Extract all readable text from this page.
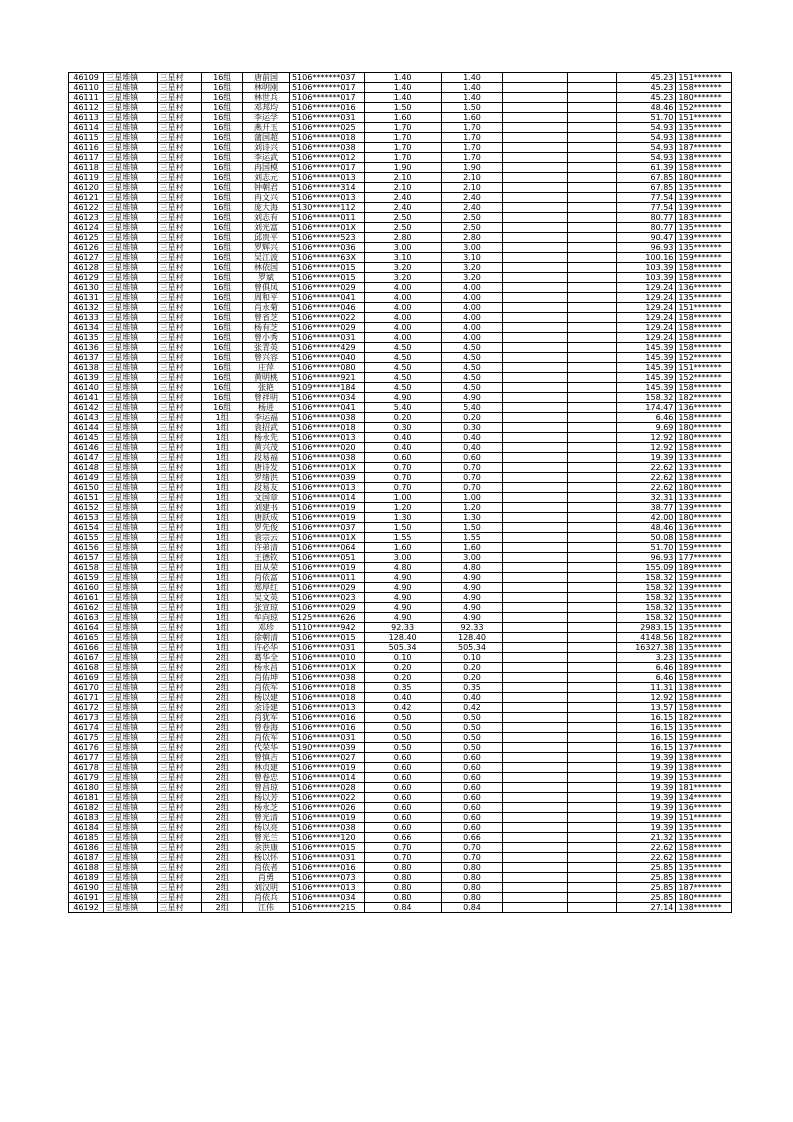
46109	三星堆镇	三星村	16组	唐前国	5106*******037	1.40	1.40			45.23	151*******
46110	三星堆镇	三星村	16组	林明刚	5106*******017	1.40	1.40			45.23	158*******
46111	三星堆镇	三星村	16组	林世兵	5106*******017	1.40	1.40			45.23	180*******
46112	三星堆镇	三星村	16组	邓邦均	5106*******016	1.50	1.50			48.46	152*******
46113	三星堆镇	三星村	16组	李运学	5106*******031	1.60	1.60			51.70	151*******
46114	三星堆镇	三星村	16组	燕开玉	5106*******025	1.70	1.70			54.93	135*******
46115	三星堆镇	三星村	16组	蒲国超	5106*******018	1.70	1.70			54.93	138*******
46116	三星堆镇	三星村	16组	刘诗兴	5106*******038	1.70	1.70			54.93	187*******
46117	三星堆镇	三星村	16组	李运武	5106*******012	1.70	1.70			54.93	138*******
46118	三星堆镇	三星村	16组	冉国模	5106*******017	1.90	1.90			61.39	158*******
46119	三星堆镇	三星村	16组	刘志元	5106*******013	2.10	2.10			67.85	180*******
46120	三星堆镇	三星村	16组	钟朝君	5106*******314	2.10	2.10			67.85	135*******
46121	三星堆镇	三星村	16组	冉文兴	5106*******013	2.40	2.40			77.54	139*******
46122	三星堆镇	三星村	16组	庞大海	5130*******112	2.40	2.40			77.54	139*******
46123	三星堆镇	三星村	16组	刘志有	5106*******011	2.50	2.50			80.77	183*******
46124	三星堆镇	三星村	16组	刘光富	5106*******01X	2.50	2.50			80.77	135*******
46125	三星堆镇	三星村	16组	邱贵平	5106*******523	2.80	2.80			90.47	139*******
46126	三星堆镇	三星村	16组	罗辉兴	5106*******036	3.00	3.00			96.93	135*******
46127	三星堆镇	三星村	16组	吴江波	5106*******63X	3.10	3.10			100.16	159*******
46128	三星堆镇	三星村	16组	林依国	5106*******015	3.20	3.20			103.39	158*******
46129	三星堆镇	三星村	16组	罗斌	5106*******015	3.20	3.20			103.39	158*******
46130	三星堆镇	三星村	16组	曾俱凤	5106*******029	4.00	4.00			129.24	136*******
46131	三星堆镇	三星村	16组	周和平	5106*******041	4.00	4.00			129.24	135*******
46132	三星堆镇	三星村	16组	肖永菊	5106*******046	4.00	4.00			129.24	151*******
46133	三星堆镇	三星村	16组	曾省芝	5106*******022	4.00	4.00			129.24	158*******
46134	三星堆镇	三星村	16组	杨有芝	5106*******029	4.00	4.00			129.24	158*******
46135	三星堆镇	三星村	16组	曾小秀	5106*******031	4.00	4.00			129.24	158*******
46136	三星堆镇	三星村	16组	张青英	5106*******429	4.50	4.50			145.39	158*******
46137	三星堆镇	三星村	16组	曾兴容	5106*******040	4.50	4.50			145.39	152*******
46138	三星堆镇	三星村	16组	庄萍	5106*******080	4.50	4.50			145.39	151*******
46139	三星堆镇	三星村	16组	黄明桃	5106*******921	4.50	4.50			145.39	152*******
46140	三星堆镇	三星村	16组	张艳	5109*******184	4.50	4.50			145.39	158*******
46141	三星堆镇	三星村	16组	曾祥明	5106*******034	4.90	4.90			158.32	182*******
46142	三星堆镇	三星村	16组	杨进	5106*******041	5.40	5.40			174.47	136*******
46143	三星堆镇	三星村	1组	李运福	5106*******038	0.20	0.20			6.46	158*******
46144	三星堆镇	三星村	1组	袁招武	5106*******018	0.30	0.30			9.69	180*******
46145	三星堆镇	三星村	1组	杨永先	5106*******013	0.40	0.40			12.92	180*******
46146	三星堆镇	三星村	1组	黄兴茂	5106*******020	0.40	0.40			12.92	158*******
46147	三星堆镇	三星村	1组	段易福	5106*******038	0.60	0.60			19.39	133*******
46148	三星堆镇	三星村	1组	唐诗发	5106*******01X	0.70	0.70			22.62	133*******
46149	三星堆镇	三星村	1组	罗绪洪	5106*******039	0.70	0.70			22.62	138*******
46150	三星堆镇	三星村	1组	段易友	5106*******013	0.70	0.70			22.62	180*******
46151	三星堆镇	三星村	1组	文国章	5106*******014	1.00	1.00			32.31	133*******
46152	三星堆镇	三星村	1组	刘建书	5106*******019	1.20	1.20			38.77	139*******
46153	三星堆镇	三星村	1组	唐跃成	5106*******019	1.30	1.30			42.00	180*******
46154	三星堆镇	三星村	1组	罗先俊	5106*******037	1.50	1.50			48.46	136*******
46155	三星堆镇	三星村	1组	袁宗云	5106*******01X	1.55	1.55			50.08	158*******
46156	三星堆镇	三星村	1组	许弟清	5106*******064	1.60	1.60			51.70	159*******
46157	三星堆镇	三星村	1组	王德钦	5106*******051	3.00	3.00			96.93	177*******
46158	三星堆镇	三星村	1组	田从荣	5106*******019	4.80	4.80			155.09	189*******
46159	三星堆镇	三星村	1组	肖依富	5106*******011	4.90	4.90			158.32	159*******
46160	三星堆镇	三星村	1组	郑厚红	5106*******029	4.90	4.90			158.32	139*******
46161	三星堆镇	三星村	1组	吴文英	5106*******023	4.90	4.90			158.32	135*******
46162	三星堆镇	三星村	1组	张宣琼	5106*******029	4.90	4.90			158.32	135*******
46163	三星堆镇	三星村	1组	牟向琼	5125*******626	4.90	4.90			158.32	150*******
46164	三星堆镇	三星村	1组	邓珍	5110*******942	92.33	92.33			2983.15	135*******
46165	三星堆镇	三星村	1组	徐朝清	5106*******015	128.40	128.40			4148.56	182*******
46166	三星堆镇	三星村	1组	许必华	5106*******031	505.34	505.34			16327.38	135*******
46167	三星堆镇	三星村	2组	葛华全	5106*******010	0.10	0.10			3.23	135*******
46168	三星堆镇	三星村	2组	杨永昌	5106*******01X	0.20	0.20			6.46	189*******
46169	三星堆镇	三星村	2组	肖佑坤	5106*******038	0.20	0.20			6.46	158*******
46170	三星堆镇	三星村	2组	肖依军	5106*******018	0.35	0.35			11.31	138*******
46171	三星堆镇	三星村	2组	杨以建	5106*******018	0.40	0.40			12.92	158*******
46172	三星堆镇	三星村	2组	余诗建	5106*******013	0.42	0.42			13.57	158*******
46173	三星堆镇	三星村	2组	肖犹军	5106*******016	0.50	0.50			16.15	182*******
46174	三星堆镇	三星村	2组	曾卷海	5106*******016	0.50	0.50			16.15	135*******
46175	三星堆镇	三星村	2组	肖依军	5106*******031	0.50	0.50			16.15	159*******
46176	三星堆镇	三星村	2组	代荣华	5190*******039	0.50	0.50			16.15	137*******
46177	三星堆镇	三星村	2组	曾慎吉	5106*******027	0.60	0.60			19.39	138*******
46178	三星堆镇	三星村	2组	林贞建	5106*******019	0.60	0.60			19.39	138*******
46179	三星堆镇	三星村	2组	曾卷忠	5106*******014	0.60	0.60			19.39	153*******
46180	三星堆镇	三星村	2组	曾昌琼	5106*******028	0.60	0.60			19.39	181*******
46181	三星堆镇	三星村	2组	杨以芳	5106*******022	0.60	0.60			19.39	134*******
46182	三星堆镇	三星村	2组	杨永芝	5106*******026	0.60	0.60			19.39	136*******
46183	三星堆镇	三星村	2组	曾光清	5106*******019	0.60	0.60			19.39	151*******
46184	三星堆镇	三星村	2组	杨以亮	5106*******038	0.60	0.60			19.39	135*******
46185	三星堆镇	三星村	2组	曾光兰	5106*******120	0.66	0.66			21.32	135*******
46186	三星堆镇	三星村	2组	余洪康	5106*******015	0.70	0.70			22.62	158*******
46187	三星堆镇	三星村	2组	杨以怀	5106*******031	0.70	0.70			22.62	158*******
46188	三星堆镇	三星村	2组	肖依者	5106*******016	0.80	0.80			25.85	135*******
46189	三星堆镇	三星村	2组	肖勇	5106*******073	0.80	0.80			25.85	138*******
46190	三星堆镇	三星村	2组	刘汉明	5106*******013	0.80	0.80			25.85	187*******
46191	三星堆镇	三星村	2组	肖依兵	5106*******034	0.80	0.80			25.85	180*******
46192	三星堆镇	三星村	2组	江伟	5106*******215	0.84	0.84			27.14	138*******
